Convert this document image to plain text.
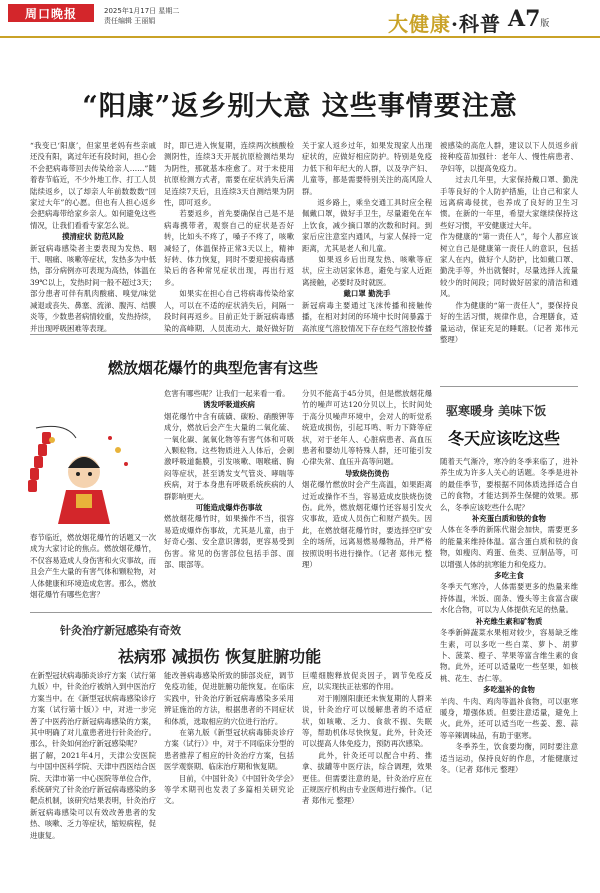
周口晚报	2025年1月17日 星期二
责任编辑 王丽娟	大健康·科普 A7版
“阳康”返乡别大意 这些事情要注意
“我变已‘阳康’，但家里老妈有些亲戚还没有阳，离过年还有段时间，担心会不会把病毒带回去传染给亲人……”随着春节临近，不少外地工作、打工人员陆续返乡，以了却亲人年前数数数“回家过大年”的心愿。但也有人担心返乡会把病毒带给家乡亲人。如何避免这些情况，让我们看看专家怎么说。
摸清症状 防范风险
新冠病毒感染者主要表现为发热、咽干、咽痛、咳嗽等症状，发热多为中低热，部分病例亦可表现为高热，体温在39℃以上，发热时间一般不超过3天；部分患者可伴有肌肉酸痛、嗅觉/味觉减退或丧失、鼻塞、流涕、腹泻、结膜炎等，少数患者病情较重，发热持续，并出现呼吸困难等表现。

时，即已进入恢复期，连续两次核酸检测阴性，连续3天开展抗原检测结果均为阴性，那就基本痊愈了。对于未使用抗原检测方式者，需要在症状消失后满足连续7天后，且连续3天自测结果为阴性，即可返乡。
　　若要返乡，首先要确保自己是不是病毒携带者，观察自己的症状是否好转，比如头不疼了，嗓子不疼了，咳嗽减轻了，体温保持正常3天以上，精神好转、体力恢复，同时不要迎接病毒感染后的各种常见症状出现，再出行返乡。
　　如果实在担心自己将病毒传染给家人，可以在不适的症状消失后，间隔一段时间再返乡。目前正处于新冠病毒感染的高峰期，人员流动大，最好做好防
关于家人返乡过年，如果发现家人出现症状的，应做好相应防护。特别是免疫力低下和年纪大的人群，以及孕产妇、儿童等，都是需要特别关注的高风险人群。
　　返乡路上，乘坐交通工具时应全程佩戴口罩，做好手卫生，尽量避免在车上饮食，减少摘口罩的次数和时间。到家后应注意室内通风，与家人保持一定距离，尤其是老人和儿童。
　　如果返乡后出现发热、咳嗽等症状，应主动居家休息，避免与家人近距离接触，必要时及时就医。
戴口罩 勤洗手
新冠病毒主要通过飞沫传播和接触传播，在相对封闭的环境中长时间暴露于高浓度气溶胶情况下存在经气溶胶传播

被感染的高危人群，建议以下人员返乡前接种疫苗加强针：老年人、慢性病患者、孕妇等，以提高免疫力。
　　过去几年里，大家保持戴口罩、勤洗手等良好的个人防护措施，让自己和家人远离病毒侵扰，也养成了良好的卫生习惯。在新的一年里，希望大家继续保持这些好习惯，平安健康过大年。
作为健康的“第一责任人”，每个人都应该树立自己是健康第一责任人的意识，包括家人在内，做好个人防护，比如戴口罩、勤洗手等，外出就餐时，尽量选择人流量较少的时间段；同时做好居家的清洁和通风。
　　作为健康的“第一责任人”，要保持良好的生活习惯，规律作息，合理膳食，适量运动，保证充足的睡眠。（记者 郑伟元 整理）
燃放烟花爆竹的典型危害有这些
春节临近，燃放烟花爆竹的话题又一次成为大家讨论的焦点。燃放烟花爆竹，不仅容易造成人身伤害和火灾事故，而且会产生大量的有害气体和颗粒物，对人体健康和环境造成危害。那么，燃放烟花爆竹有哪些危害？
危害有哪些呢？让我们一起来看一看。
诱发呼吸道疾病
烟花爆竹中含有硫磺、碳粉、硝酸钾等成分，燃放后会产生大量的二氧化硫、一氧化碳、氮氧化物等有害气体和可吸入颗粒物。这些物质进入人体后，会刺激呼吸道黏膜，引发咳嗽、咽喉痛、胸闷等症状，甚至诱发支气管炎、哮喘等疾病，对于本身患有呼吸系统疾病的人群影响更大。
可能造成爆炸伤事故
燃放烟花爆竹时，如果操作不当，很容易造成爆炸伤事故，尤其是儿童，由于好奇心强、安全意识薄弱，更容易受到伤害。常见的伤害部位包括手部、面部、眼部等。
分贝不能高于45分贝，但是燃放烟花爆竹的噪声可达120分贝以上，长时间处于高分贝噪声环境中，会对人的听觉系统造成损伤，引起耳鸣、听力下降等症状，对于老年人、心脏病患者、高血压患者和婴幼儿等特殊人群，还可能引发心律失常、血压升高等问题。
导致烧伤烫伤
烟花爆竹燃放时会产生高温，如果距离过近或操作不当，容易造成皮肤烧伤烫伤。此外，燃放烟花爆竹还容易引发火灾事故，造成人员伤亡和财产损失。因此，在燃放烟花爆竹时，要选择空旷安全的场所，远离易燃易爆物品，并严格按照说明书进行操作。（记者 郑伟元 整理）
针灸治疗新冠感染有奇效
祛病邪 减损伤 恢复脏腑功能
在新型冠状病毒肺炎诊疗方案（试行第九版）中，针灸治疗被纳入到中医治疗方案当中。在《新型冠状病毒感染诊疗方案（试行第十版）》中，对进一步完善了中医药治疗新冠病毒感染的方案，其中明确了对儿童患者进行针灸治疗。那么，针灸如何治疗新冠感染呢？
据了解，2021年4月，天津公安医院与中国中医科学院、天津中西医结合医院、天津市第一中心医院等单位合作，系统研究了针灸治疗新冠病毒感染的多靶点机制，该研究结果表明，针灸治疗新冠病毒感染可以有效改善患者的发热、咳嗽、乏力等症状，缩短病程，促进康复。
能改善病毒感染所致的肺部炎症，调节免疫功能，促进脏腑功能恢复。在临床实践中，针灸治疗新冠病毒感染多采用辨证施治的方法，根据患者的不同症状和体质，选取相应的穴位进行治疗。
　　在第九版《新型冠状病毒肺炎诊疗方案（试行）》中，对于不同临床分型的患者推荐了相应的针灸治疗方案，包括医学观察期、临床治疗期和恢复期。
　　目前，《中国针灸》《中国针灸学会》等学术期刊也发表了多篇相关研究论文。
巨噬细胞释放促炎因子，调节免疫反应，以实现扶正祛邪的作用。
　　对于刚刚阳康还未恢复期的人群来说，针灸治疗可以缓解患者的不适症状，如咳嗽、乏力、食欲不振、失眠等，帮助机体尽快恢复。此外，针灸还可以提高人体免疫力，预防再次感染。
　　此外，针灸还可以配合中药、推拿、拔罐等中医疗法，综合调理，效果更佳。但需要注意的是，针灸治疗应在正规医疗机构由专业医师进行操作。（记者 郑伟元 整理）
驱寒暖身 美味下饭
冬天应该吃这些
随着天气渐冷，寒冷的冬季来临了，进补养生成为许多人关心的话题。冬季是进补的最佳季节，要根据不同体质选择适合自己的食物，才能达到养生保健的效果。那么，冬季应该吃些什么呢？
补充蛋白质和铁的食物
人体在冬季的新陈代谢会加快，需要更多的能量来维持体温。富含蛋白质和铁的食物，如瘦肉、鸡蛋、鱼类、豆制品等，可以增强人体的抗寒能力和免疫力。
多吃主食
冬季天气寒冷，人体需要更多的热量来维持体温，米饭、面条、馒头等主食富含碳水化合物，可以为人体提供充足的热量。
补充维生素和矿物质
冬季新鲜蔬菜水果相对较少，容易缺乏维生素，可以多吃一些白菜、萝卜、胡萝卜、菠菜、橙子、苹果等富含维生素的食物。此外，还可以适量吃一些坚果，如核桃、花生、杏仁等。
多吃温补的食物
羊肉、牛肉、鸡肉等温补食物，可以驱寒暖身，增强体质。但要注意适量，避免上火。此外，还可以适当吃一些姜、葱、蒜等辛辣调味品，有助于驱寒。
　　冬季养生，饮食要均衡，同时要注意适当运动，保持良好的作息，才能健康过冬。（记者 郑伟元 整理）
